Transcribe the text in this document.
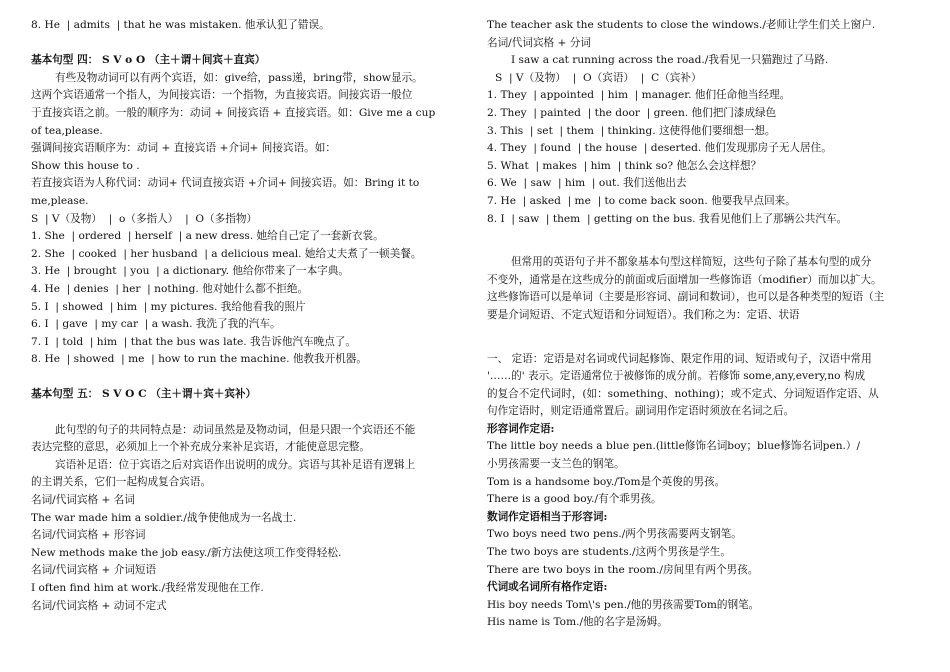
8. He  | admits  | that he was mistaken. 他承认犯了错误。
基本句型 四： S V o O （主＋谓＋间宾＋直宾）
有些及物动词可以有两个宾语，如：give给，pass递，bring带，show显示。
这两个宾语通常一个指人，为间接宾语：一个指物，为直接宾语。间接宾语一般位
于直接宾语之前。一般的顺序为：动词 + 间接宾语 + 直接宾语。如：Give me a cup
of tea,please.
强调间接宾语顺序为：动词 + 直接宾语 +介词+ 间接宾语。如：
Show this house to .
若直接宾语为人称代词：动词+ 代词直接宾语 +介词+ 间接宾语。如：Bring it to
me,please.
S  | V（及物）  |  o（多指人）  |  O（多指物）
1. She  | ordered  | herself  | a new dress. 她给自己定了一套新衣裳。
2. She  | cooked  | her husband  | a delicious meal. 她给丈夫煮了一顿美餐。
3. He  | brought  | you  | a dictionary. 他给你带来了一本字典。
4. He  | denies  | her  | nothing. 他对她什么都不拒绝。
5. I  | showed  | him  | my pictures. 我给他看我的照片
6. I  | gave  | my car  | a wash. 我洗了我的汽车。
7. I  | told  | him  | that the bus was late. 我告诉他汽车晚点了。
8. He  | showed  | me  | how to run the machine. 他教我开机器。
基本句型 五： S V O C （主＋谓＋宾＋宾补）
此句型的句子的共同特点是：动词虽然是及物动词，但是只跟一个宾语还不能
表达完整的意思，必须加上一个补充成分来补足宾语，才能使意思完整。
宾语补足语：位于宾语之后对宾语作出说明的成分。宾语与其补足语有逻辑上
的主谓关系，它们一起构成复合宾语。
名词/代词宾格 + 名词
The war made him a soldier./战争使他成为一名战士.
名词/代词宾格 + 形容词
New methods make the job easy./新方法使这项工作变得轻松.
名词/代词宾格 + 介词短语
I often find him at work./我经常发现他在工作.
名词/代词宾格 + 动词不定式
The teacher ask the students to close the windows./老师让学生们关上窗户.
名词/代词宾格 + 分词
I saw a cat running across the road./我看见一只猫跑过了马路.
S  | V（及物）  |  O（宾语）  |  C（宾补）
1. They  | appointed  | him  | manager. 他们任命他当经理。
2. They  | painted  | the door  | green. 他们把门漆成绿色
3. This  | set  | them  | thinking. 这使得他们要细想一想。
4. They  | found  | the house  | deserted. 他们发现那房子无人居住。
5. What  | makes  | him  | think so? 他怎么会这样想？
6. We  | saw  | him  | out. 我们送他出去
7. He  | asked  | me  | to come back soon. 他要我早点回来。
8. I  | saw  | them  | getting on the bus. 我看见他们上了那辆公共汽车。
但常用的英语句子并不都象基本句型这样简短，这些句子除了基本句型的成分
不变外，通常是在这些成分的前面或后面增加一些修饰语（modifier）而加以扩大。
这些修饰语可以是单词（主要是形容词、副词和数词），也可以是各种类型的短语（主
要是介词短语、不定式短语和分词短语）。我们称之为：定语、状语
一、 定语：定语是对名词或代词起修饰、限定作用的词、短语或句子，汉语中常用
'……的' 表示。定语通常位于被修饰的成分前。若修饰 some,any,every,no 构成
的复合不定代词时，(如：something、nothing)；或不定式、分词短语作定语、从
句作定语时，则定语通常置后。副词用作定语时须放在名词之后。
形容词作定语:
The little boy needs a blue pen.(little修饰名词boy；blue修饰名词pen.）/
小男孩需要一支兰色的钢笔。
Tom is a handsome boy./Tom是个英俊的男孩。
There is a good boy./有个乖男孩。
数词作定语相当于形容词:
Two boys need two pens./两个男孩需要两支钢笔。
The two boys are students./这两个男孩是学生。
There are two boys in the room./房间里有两个男孩。
代词或名词所有格作定语:
His boy needs Tom\'s pen./他的男孩需要Tom的钢笔。
His name is Tom./他的名字是汤姆。
